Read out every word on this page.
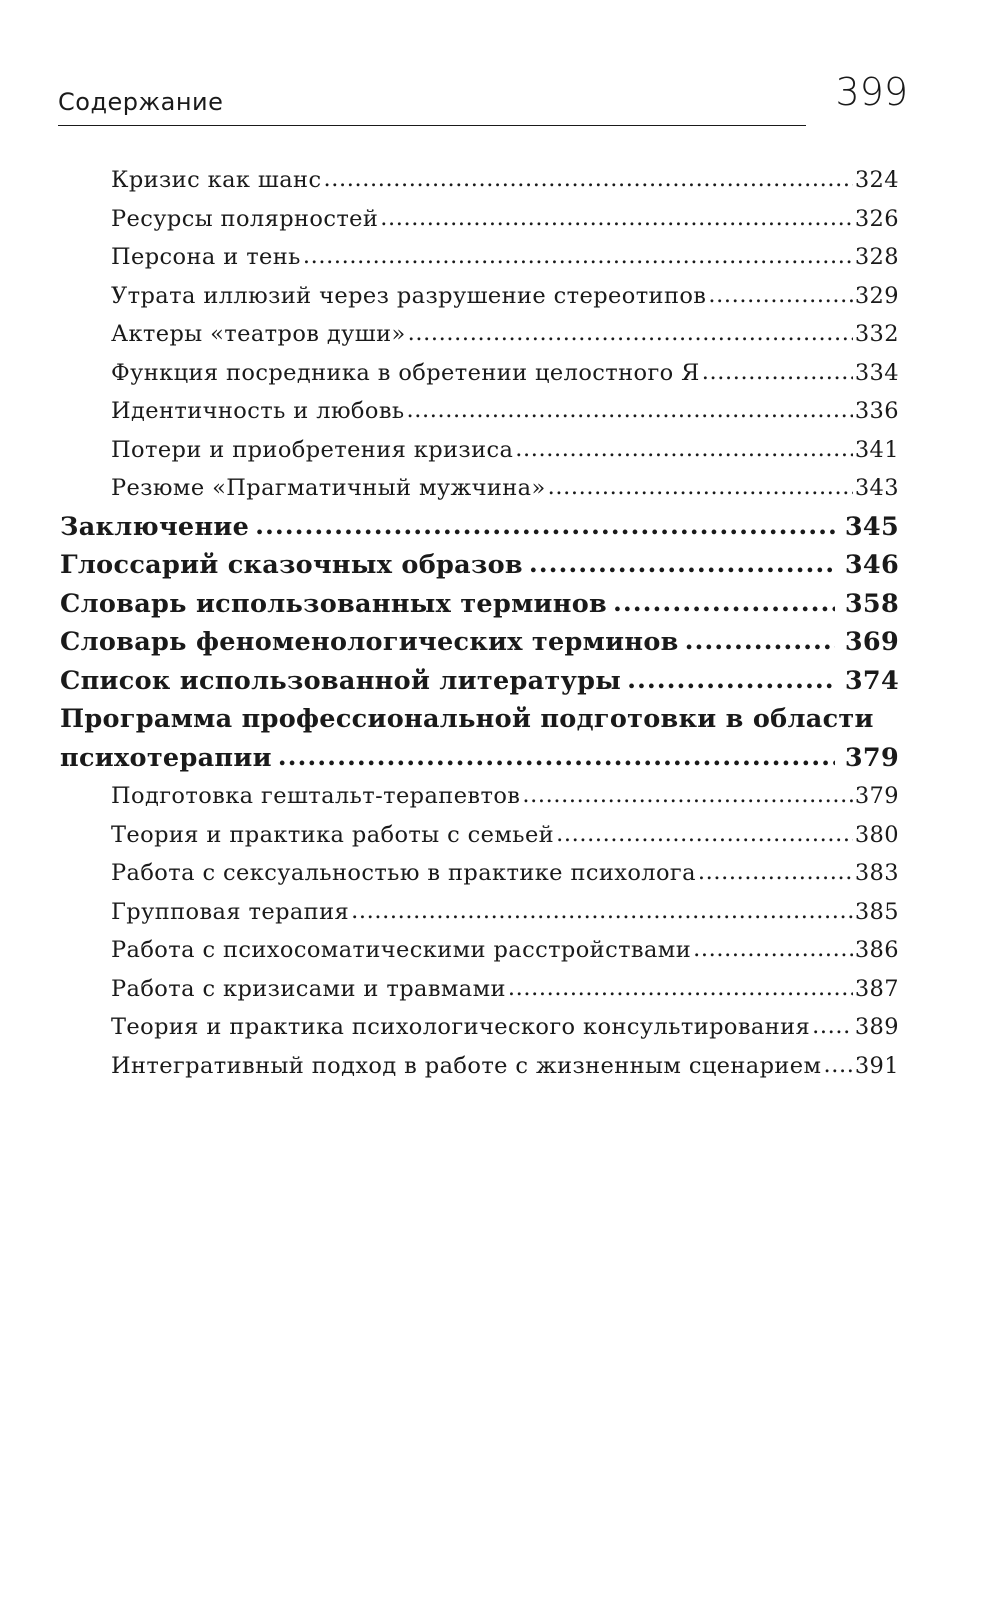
Содержание	399
Кризис как шанс .....	324
Ресурсы полярностей .....	326
Персона и тень .....	328
Утрата иллюзий через разрушение стереотипов .....	329
Актеры «театров души» .....	332
Функция посредника в обретении целостного Я .....	334
Идентичность и любовь .....	336
Потери и приобретения кризиса .....	341
Резюме «Прагматичный мужчина» .....	343
Заключение .....	345
Глоссарий сказочных образов .....	346
Словарь использованных терминов .....	358
Словарь феноменологических терминов .....	369
Список использованной литературы .....	374
Программа профессиональной подготовки в области
психотерапии .....	379
Подготовка гештальт-терапевтов .....	379
Теория и практика работы с семьей .....	380
Работа с сексуальностью в практике психолога .....	383
Групповая терапия .....	385
Работа с психосоматическими расстройствами .....	386
Работа с кризисами и травмами .....	387
Теория и практика психологического консультирования ..... 389
Интегративный подход в работе с жизненным сценарием ..... 391
